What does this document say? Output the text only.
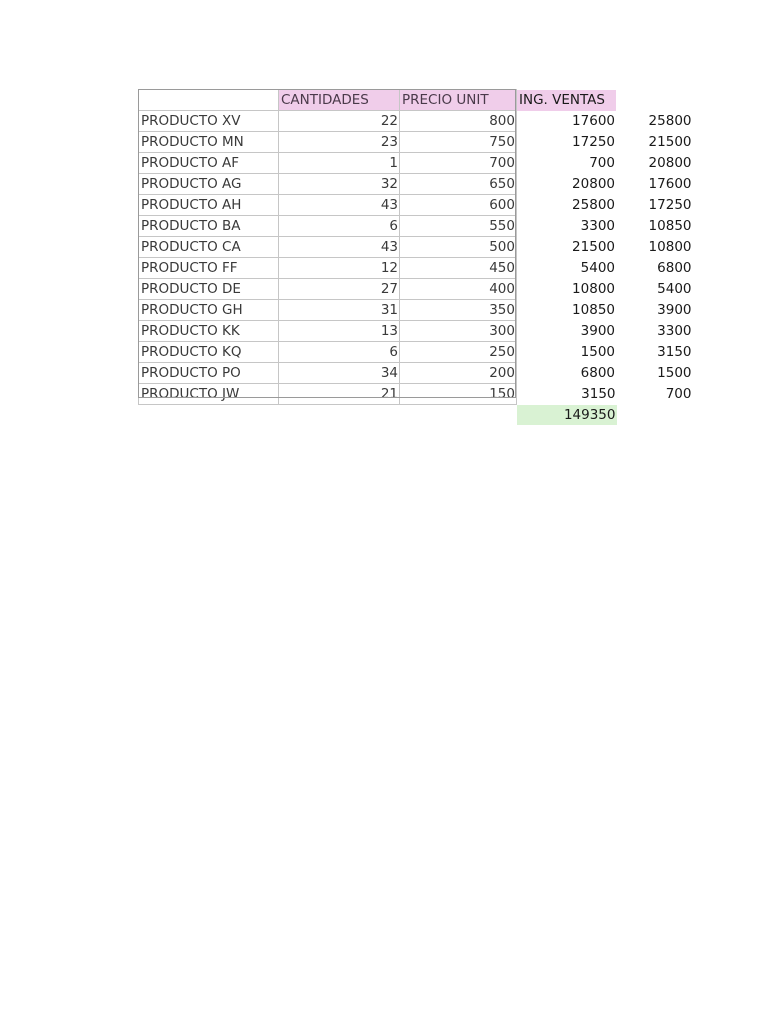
	CANTIDADES	PRECIO UNIT	ING. VENTAS	
PRODUCTO XV	22	800	17600	25800
PRODUCTO MN	23	750	17250	21500
PRODUCTO AF	1	700	700	20800
PRODUCTO AG	32	650	20800	17600
PRODUCTO AH	43	600	25800	17250
PRODUCTO BA	6	550	3300	10850
PRODUCTO CA	43	500	21500	10800
PRODUCTO FF	12	450	5400	6800
PRODUCTO DE	27	400	10800	5400
PRODUCTO GH	31	350	10850	3900
PRODUCTO KK	13	300	3900	3300
PRODUCTO KQ	6	250	1500	3150
PRODUCTO PO	34	200	6800	1500
PRODUCTO JW	21	150	3150	700
			149350	
